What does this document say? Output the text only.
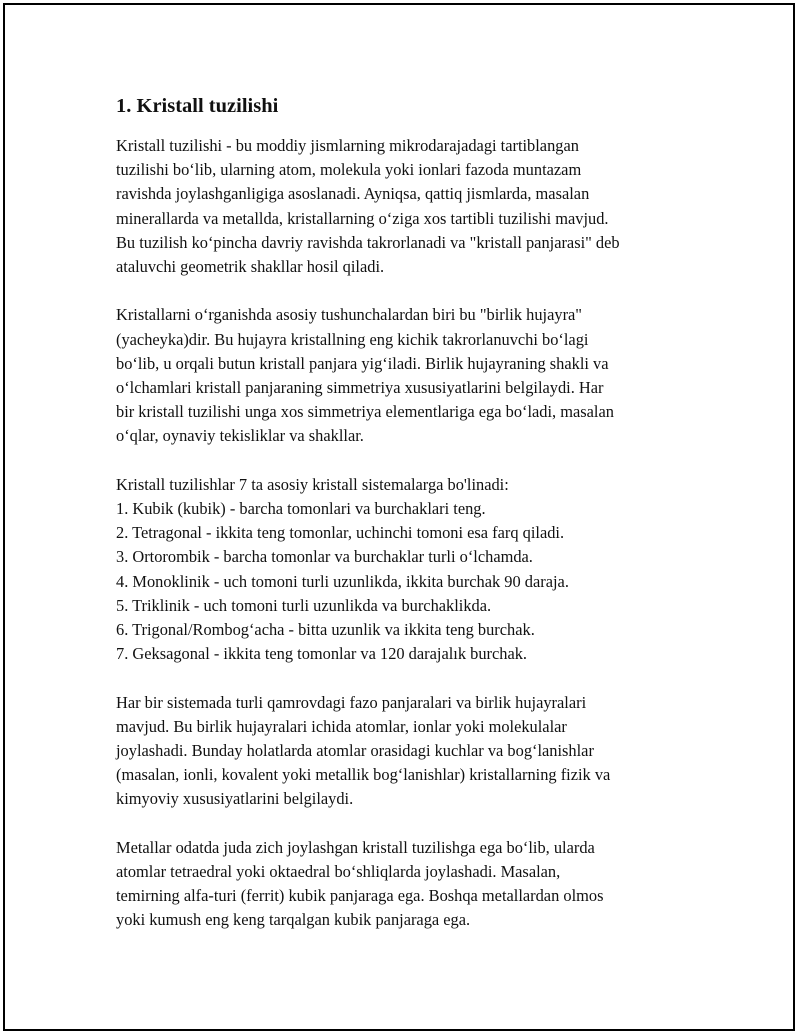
1. Kristall tuzilishi

Kristall tuzilishi - bu moddiy jismlarning mikrodarajadagi tartiblangan
tuzilishi bo‘lib, ularning atom, molekula yoki ionlari fazoda muntazam
ravishda joylashganligiga asoslanadi. Ayniqsa, qattiq jismlarda, masalan
minerallarda va metallda, kristallarning o‘ziga xos tartibli tuzilishi mavjud.
Bu tuzilish ko‘pincha davriy ravishda takrorlanadi va "kristall panjarasi" deb
ataluvchi geometrik shakllar hosil qiladi.

Kristallarni o‘rganishda asosiy tushunchalardan biri bu "birlik hujayra"
(yacheyka)dir. Bu hujayra kristallning eng kichik takrorlanuvchi bo‘lagi
bo‘lib, u orqali butun kristall panjara yig‘iladi. Birlik hujayraning shakli va
o‘lchamlari kristall panjaraning simmetriya xususiyatlarini belgilaydi. Har
bir kristall tuzilishi unga xos simmetriya elementlariga ega bo‘ladi, masalan
o‘qlar, oynaviy tekisliklar va shakllar.

Kristall tuzilishlar 7 ta asosiy kristall sistemalarga bo'linadi:
1. Kubik (kubik) - barcha tomonlari va burchaklari teng.
2. Tetragonal - ikkita teng tomonlar, uchinchi tomoni esa farq qiladi.
3. Ortorombik - barcha tomonlar va burchaklar turli o‘lchamda.
4. Monoklinik - uch tomoni turli uzunlikda, ikkita burchak 90 daraja.
5. Triklinik - uch tomoni turli uzunlikda va burchaklikda.
6. Trigonal/Rombog‘acha - bitta uzunlik va ikkita teng burchak.
7. Geksagonal - ikkita teng tomonlar va 120 darajalık burchak.

Har bir sistemada turli qamrovdagi fazo panjaralari va birlik hujayralari
mavjud. Bu birlik hujayralari ichida atomlar, ionlar yoki molekulalar
joylashadi. Bunday holatlarda atomlar orasidagi kuchlar va bog‘lanishlar
(masalan, ionli, kovalent yoki metallik bog‘lanishlar) kristallarning fizik va
kimyoviy xususiyatlarini belgilaydi.

Metallar odatda juda zich joylashgan kristall tuzilishga ega bo‘lib, ularda
atomlar tetraedral yoki oktaedral bo‘shliqlarda joylashadi. Masalan,
temirning alfa-turi (ferrit) kubik panjaraga ega. Boshqa metallardan olmos
yoki kumush eng keng tarqalgan kubik panjaraga ega.
